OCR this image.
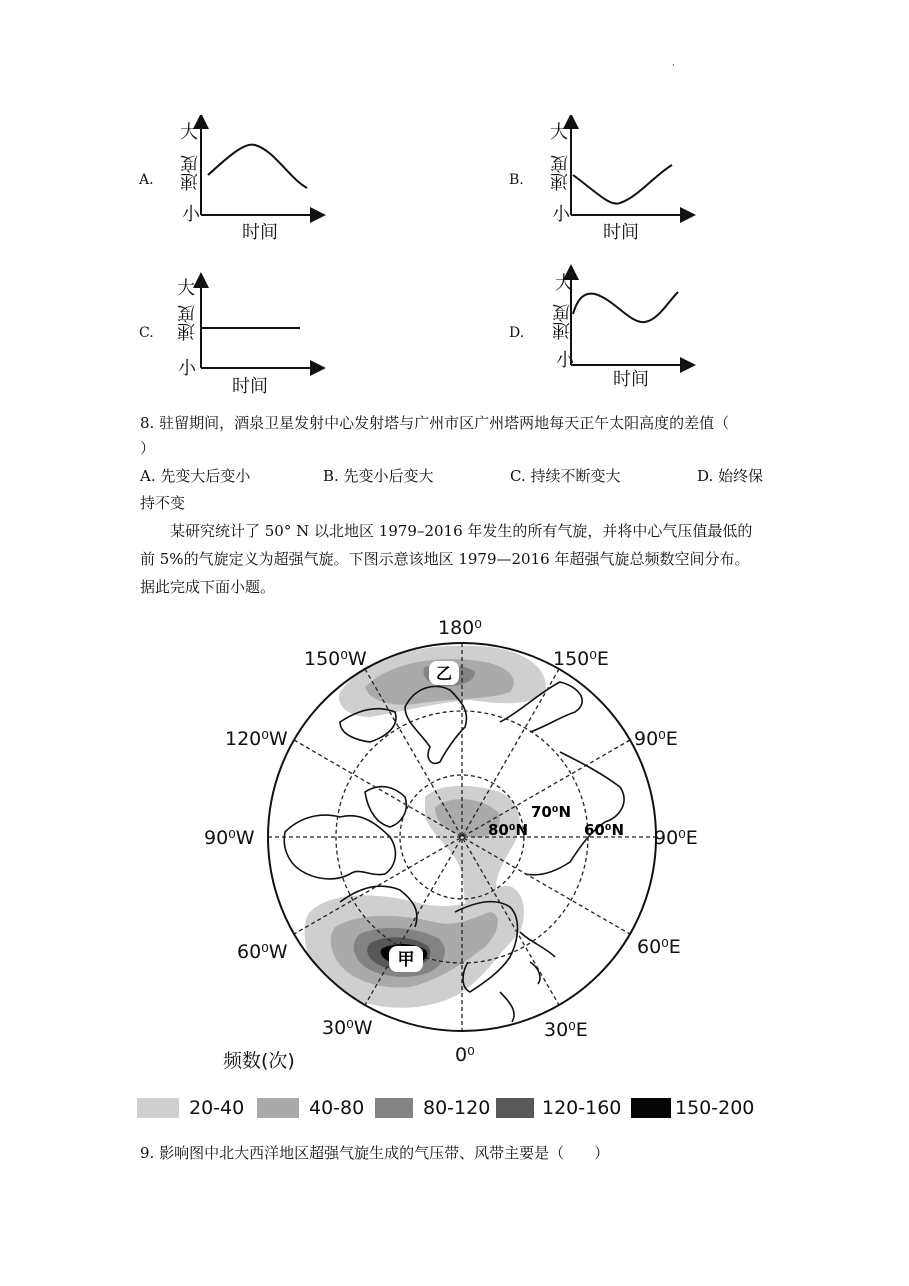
·
A.
大
速度
小
时间
B.
大
速度
小
时间
C.
大
速度
小
时间
D.
大
速度
小
时间
8. 驻留期间，酒泉卫星发射中心发射塔与广州市区广州塔两地每天正午太阳高度的差值（
）
A. 先变大后变小	B. 先变小后变大	C. 持续不断变大	D. 始终保
持不变
某研究统计了 50° N 以北地区 1979–2016 年发生的所有气旋，并将中心气压值最低的
前 5%的气旋定义为超强气旋。下图示意该地区 1979—2016 年超强气旋总频数空间分布。
据此完成下面小题。
乙
甲
70⁰N
80⁰N	60⁰N
180⁰
150⁰W	150⁰E
120⁰W	90⁰E
90⁰W	90⁰E
60⁰W	60⁰E
30⁰W	30⁰E
0⁰
频数(次)
20-40	40-80	80-120	120-160	150-200
9. 影响图中北大西洋地区超强气旋生成的气压带、风带主要是（　　）
